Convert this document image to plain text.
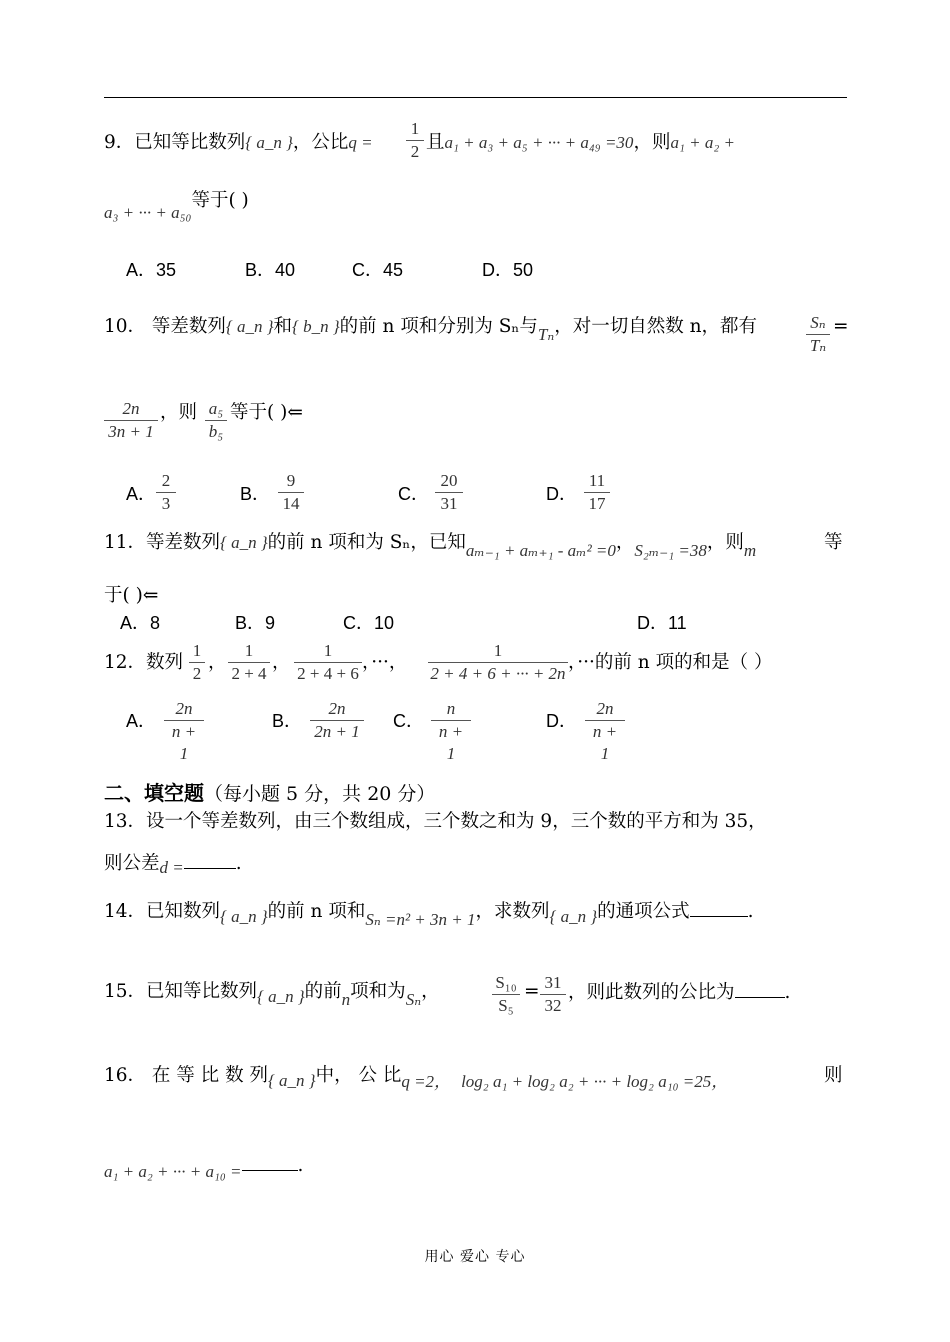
9．已知等比数列{ a_n }，公比$q = \frac{1}{2}$ 且a₁ + a₃ + a₅ + ··· + a₄₉ =30，则a₁ + a₂ +
a₃ + ··· + a₅₀等于( )
A．35	B．40	C．45	D．50
10． 等差数列{ a_n }和{ b_n }的前 n 项和分别为 Sₙ与Tₙ，对一切自然数 n，都有	$\frac{\text{Sₙ}}{\text{Tₙ}}$ =
$\frac{2n}{3n + 1}$ ，则 $\frac{\text{a₅}}{\text{b₅}}$ 等于( )⇐
A． $\frac{2}{3}$	B． $\frac{9}{14}$	C． $\frac{20}{31}$	D． $\frac{11}{17}$
11．等差数列{ a_n }的前 n 项和为 Sₙ，已知aₘ₋₁ + aₘ₊₁ - aₘ² =0，S₂ₘ₋₁ =38，则m	等
于( )⇐
A．8	B．9	C．10	D．11
12．数列 $\frac{1}{2}$ ， $\frac{1}{2 + 4}$ ， $\frac{1}{2 + 4 + 6}$ ，···， $\frac{1}{2 + 4 + 6 + \cdot\cdot\cdot + 2n}$ ，···的前 n 项的和是（ ）
A． $\frac{2n}{n + 1}$	B． $\frac{2n}{2n + 1}$ C． $\frac{n}{n + 1}$	D． $\frac{2n}{n + 1}$
二、填空题（每小题 5 分，共 20 分）
13．设一个等差数列，由三个数组成，三个数之和为 9，三个数的平方和为 35，
则公差d =	.
14．已知数列{ a_n }的前 n 项和Sₙ =n² + 3n + 1，求数列{ a_n }的通项公式	.
15．已知等比数列{ a_n }的前n项和为Sₙ，	$\frac{\text{S₁₀}}{\text{S₅}} = \frac{31}{32}$ ，则此数列的公比为	.
16． 在 等 比 数 列{ a_n }中， 公 比q =2， log₂ a₁ + log₂ a₂ + ··· + log₂ a₁₀ =25，	则
a₁ + a₂ + ··· + a₁₀ =	.
用心 爱心 专心
